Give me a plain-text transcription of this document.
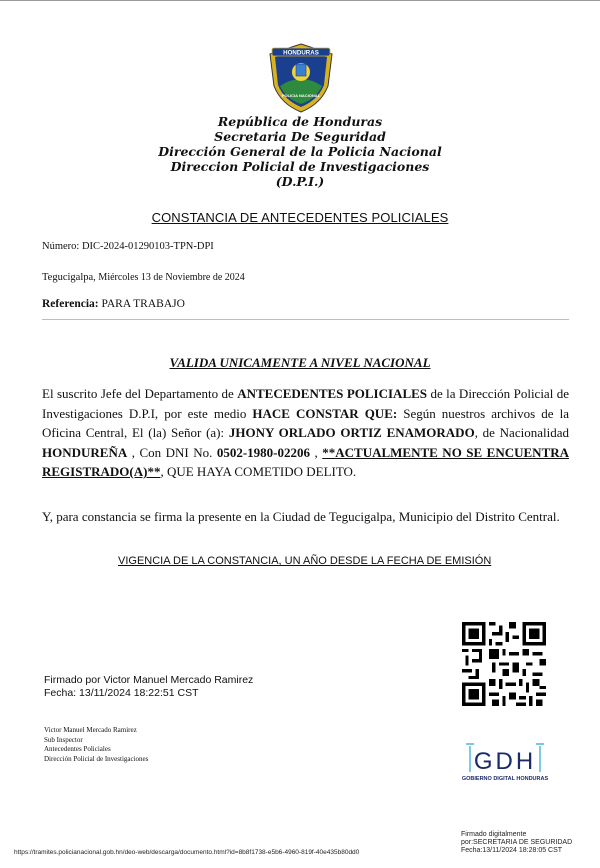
HONDURAS
POLICIA NACIONAL
República de Honduras
Secretaria De Seguridad
Dirección General de la Policia Nacional
Direccion Policial de Investigaciones
(D.P.I.)
CONSTANCIA DE ANTECEDENTES POLICIALES
Número: DIC-2024-01290103-TPN-DPI
Tegucigalpa, Miércoles 13 de Noviembre de 2024
Referencia: PARA TRABAJO
VALIDA UNICAMENTE A NIVEL NACIONAL

El suscrito Jefe del Departamento de ANTECEDENTES POLICIALES de la Dirección Policial de Investigaciones D.P.I, por este medio HACE CONSTAR QUE: Según nuestros archivos de la Oficina Central, El (la) Señor (a): JHONY ORLADO ORTIZ ENAMORADO, de Nacionalidad HONDUREÑA , Con DNI No. 0502-1980-02206 , **ACTUALMENTE NO SE ENCUENTRA REGISTRADO(A)**, QUE HAYA COMETIDO DELITO.

Y, para constancia se firma la presente en la Ciudad de Tegucigalpa, Municipio del Distrito Central.
VIGENCIA DE LA CONSTANCIA, UN AÑO DESDE LA FECHA DE EMISIÓN
Firmado por Victor Manuel Mercado Ramirez
Fecha: 13/11/2024 18:22:51 CST
Victor Manuel Mercado Ramirez
Sub Inspector
Antecedentes Policiales
Dirección Policial de Investigaciones	GDH
GOBIERNO DIGITAL HONDURAS
https://tramites.policianacional.gob.hn/deo-web/descarga/documento.html?id=8b8f1738-e5b6-4960-819f-40e435b80dd0
Firmado digitalmente
por:SECRETARIA DE SEGURIDAD
Fecha:13/11/2024 18:28:05 CST
